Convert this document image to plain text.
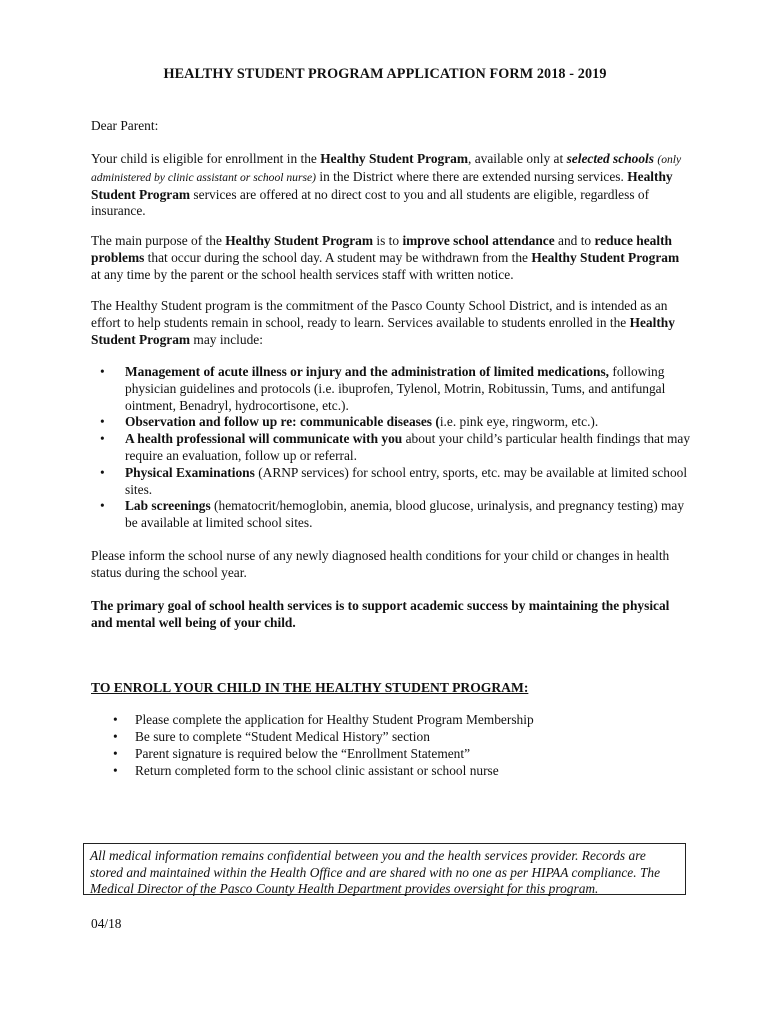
HEALTHY STUDENT PROGRAM APPLICATION FORM 2018 - 2019

Dear Parent:

Your child is eligible for enrollment in the Healthy Student Program, available only at selected schools (only administered by clinic assistant or school nurse) in the District where there are extended nursing services. Healthy Student Program services are offered at no direct cost to you and all students are eligible, regardless of insurance.

The main purpose of the Healthy Student Program is to improve school attendance and to reduce health problems that occur during the school day. A student may be withdrawn from the Healthy Student Program at any time by the parent or the school health services staff with written notice.

The Healthy Student program is the commitment of the Pasco County School District, and is intended as an effort to help students remain in school, ready to learn. Services available to students enrolled in the Healthy Student Program may include:

• Management of acute illness or injury and the administration of limited medications, following physician guidelines and protocols (i.e. ibuprofen, Tylenol, Motrin, Robitussin, Tums, and antifungal ointment, Benadryl, hydrocortisone, etc.).
• Observation and follow up re: communicable diseases (i.e. pink eye, ringworm, etc.).
• A health professional will communicate with you about your child’s particular health findings that may require an evaluation, follow up or referral.
• Physical Examinations (ARNP services) for school entry, sports, etc. may be available at limited school sites.
• Lab screenings (hematocrit/hemoglobin, anemia, blood glucose, urinalysis, and pregnancy testing) may be available at limited school sites.

Please inform the school nurse of any newly diagnosed health conditions for your child or changes in health status during the school year.

The primary goal of school health services is to support academic success by maintaining the physical and mental well being of your child.

TO ENROLL YOUR CHILD IN THE HEALTHY STUDENT PROGRAM:
• Please complete the application for Healthy Student Program Membership
• Be sure to complete “Student Medical History” section
• Parent signature is required below the “Enrollment Statement”
• Return completed form to the school clinic assistant or school nurse
All medical information remains confidential between you and the health services provider. Records are stored and maintained within the Health Office and are shared with no one as per HIPAA compliance. The Medical Director of the Pasco County Health Department provides oversight for this program.
04/18
